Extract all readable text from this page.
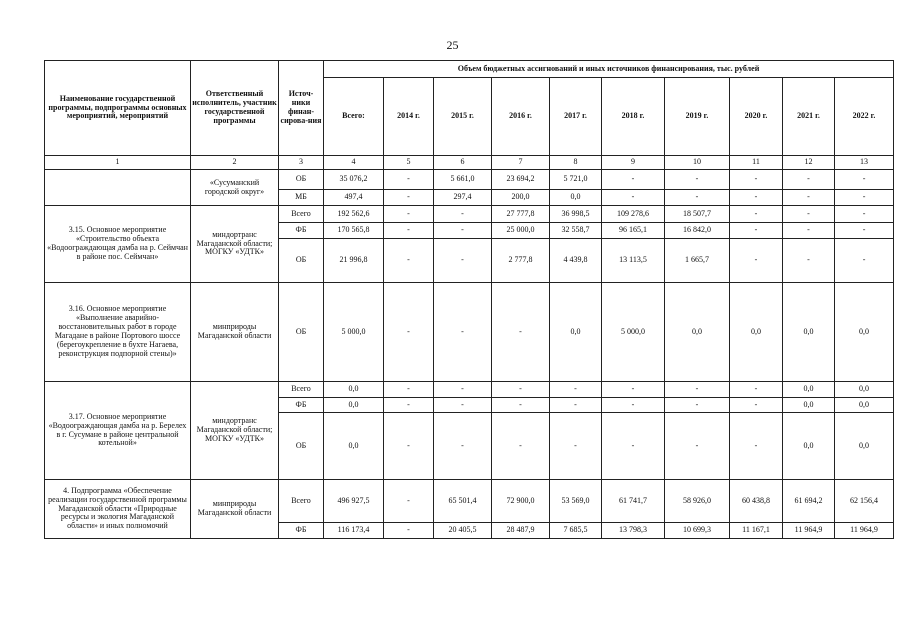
25
Наименование государственной программы, подпрограммы основных мероприятий, мероприятий	Ответственный исполнитель, участник государственной программы	Источ-ники финан-сирова-ния	Объем бюджетных ассигнований и иных источников финансирования, тыс. рублей									
			Всего:	2014 г.	2015 г.	2016 г.	2017 г.	2018 г.	2019 г.	2020 г.	2021 г.	2022 г.
1	2	3	4	5	6	7	8	9	10	11	12	13
	«Сусуманский городской округ»	ОБ	35 076,2	-	5 661,0	23 694,2	5 721,0	-	-	-	-	-
		МБ	497,4	-	297,4	200,0	0,0	-	-	-	-	-
3.15. Основное мероприятие «Строительство объекта «Водоограждающая дамба на р. Сеймчан в районе пос. Сеймчан»	миндортранс Магаданской области; МОГКУ «УДТК»	Всего	192 562,6	-	-	27 777,8	36 998,5	109 278,6	18 507,7	-	-	-
		ФБ	170 565,8	-	-	25 000,0	32 558,7	96 165,1	16 842,0	-	-	-
		ОБ	21 996,8	-	-	2 777,8	4 439,8	13 113,5	1 665,7	-	-	-
3.16. Основное мероприятие «Выполнение аварийно-восстановительных работ в городе Магадане в районе Портового шоссе (берегоукрепление в бухте Нагаева, реконструкция подпорной стены)»	минприроды Магаданской области	ОБ	5 000,0	-	-	-	0,0	5 000,0	0,0	0,0	0,0	0,0
3.17. Основное мероприятие «Водоограждающая дамба на р. Берелех в г. Сусумане в районе центральной котельной»	миндортранс Магаданской области; МОГКУ «УДТК»	Всего	0,0	-	-	-	-	-	-	-	0,0	0,0
		ФБ	0,0	-	-	-	-	-	-	-	0,0	0,0
		ОБ	0,0	-	-	-	-	-	-	-	0,0	0,0
4. Подпрограмма «Обеспечение реализации государственной программы Магаданской области «Природные ресурсы и экология Магаданской области» и иных полномочий	минприроды Магаданской области	Всего	496 927,5	-	65 501,4	72 900,0	53 569,0	61 741,7	58 926,0	60 438,8	61 694,2	62 156,4
		ФБ	116 173,4	-	20 405,5	28 487,9	7 685,5	13 798,3	10 699,3	11 167,1	11 964,9	11 964,9
